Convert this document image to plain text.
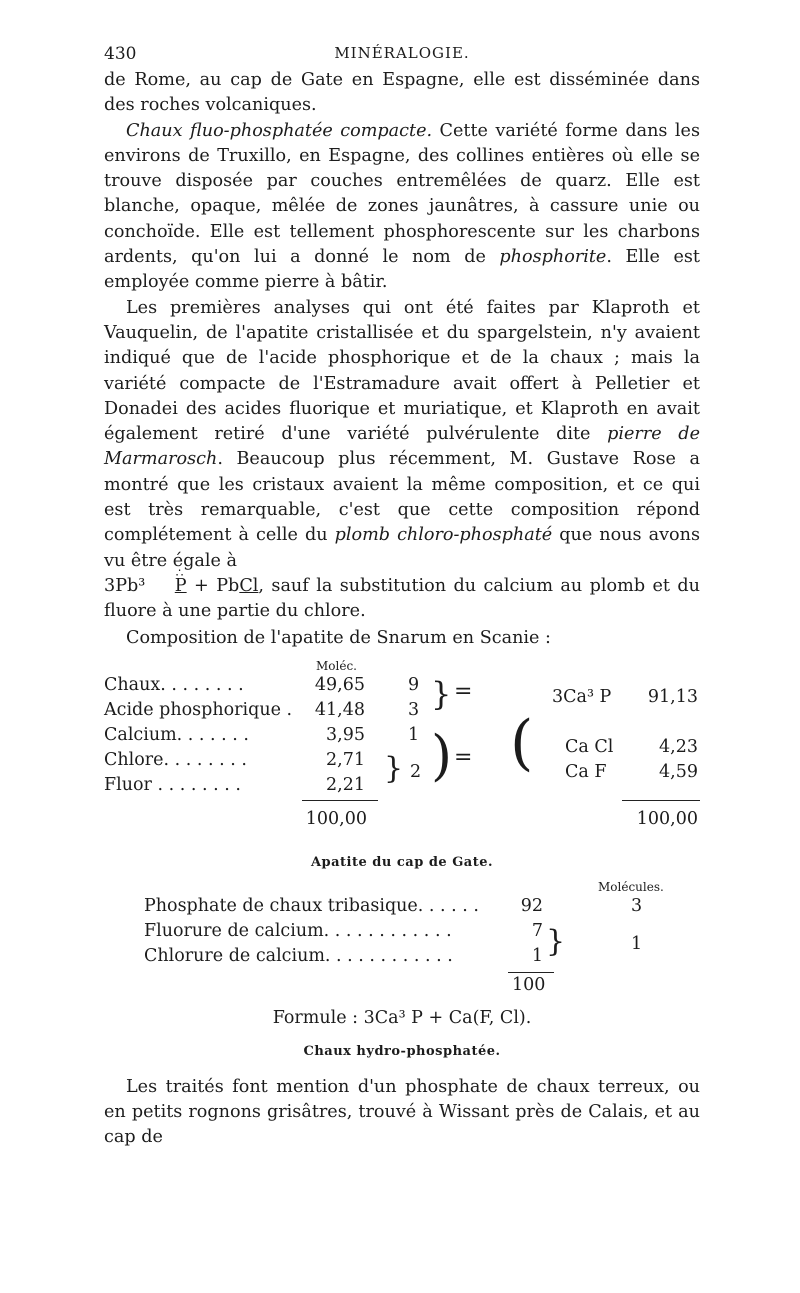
430	MINÉRALOGIE.

de Rome, au cap de Gate en Espagne, elle est disséminée dans des roches volcaniques.

Chaux fluo-phosphatée compacte. Cette variété forme dans les environs de Truxillo, en Espagne, des collines entières où elle se trouve disposée par couches entremêlées de quarz. Elle est blanche, opaque, mêlée de zones jaunâtres, à cassure unie ou conchoïde. Elle est tellement phosphorescente sur les charbons ardents, qu'on lui a donné le nom de phosphorite. Elle est employée comme pierre à bâtir.

Les premières analyses qui ont été faites par Klaproth et Vauquelin, de l'apatite cristallisée et du spargelstein, n'y avaient indiqué que de l'acide phosphorique et de la chaux ; mais la variété compacte de l'Estramadure avait offert à Pelletier et Donadei des acides fluorique et muriatique, et Klaproth en avait également retiré d'une variété pulvérulente dite pierre de Marmarosch. Beaucoup plus récemment, M. Gustave Rose a montré que les cristaux avaient la même composition, et ce qui est très remarquable, c'est que cette composition répond complétement à celle du plomb chloro-phosphaté que nous avons vu être égale à
3Pb³ ∴ P + PbCl, sauf la substitution du calcium au plomb et du fluore à une partie du chlore.

Composition de l'apatite de Snarum en Scanie :

Moléc.
Chaux. . . . . . . .
Acide phosphorique .
Calcium. . . . . . .
Chlore. . . . . . . .
Fluor . . . . . . . .
49,65
41,48
3,95
2,71
2,21
9
3
1
2
}
}
)
=
= (
3Ca³ P
Ca Cl
Ca F
91,13
4,23
4,59
100,00	100,00
Apatite du cap de Gate.
Molécules.
Phosphate de chaux tribasique. . . . . .
Fluorure de calcium. . . . . . . . . . . .
Chlorure de calcium. . . . . . . . . . . .
92
7
1 }
3
1
100
Formule : 3Ca³ P + Ca(F, Cl).
Chaux hydro-phosphatée.

Les traités font mention d'un phosphate de chaux terreux, ou en petits rognons grisâtres, trouvé à Wissant près de Calais, et au cap de
